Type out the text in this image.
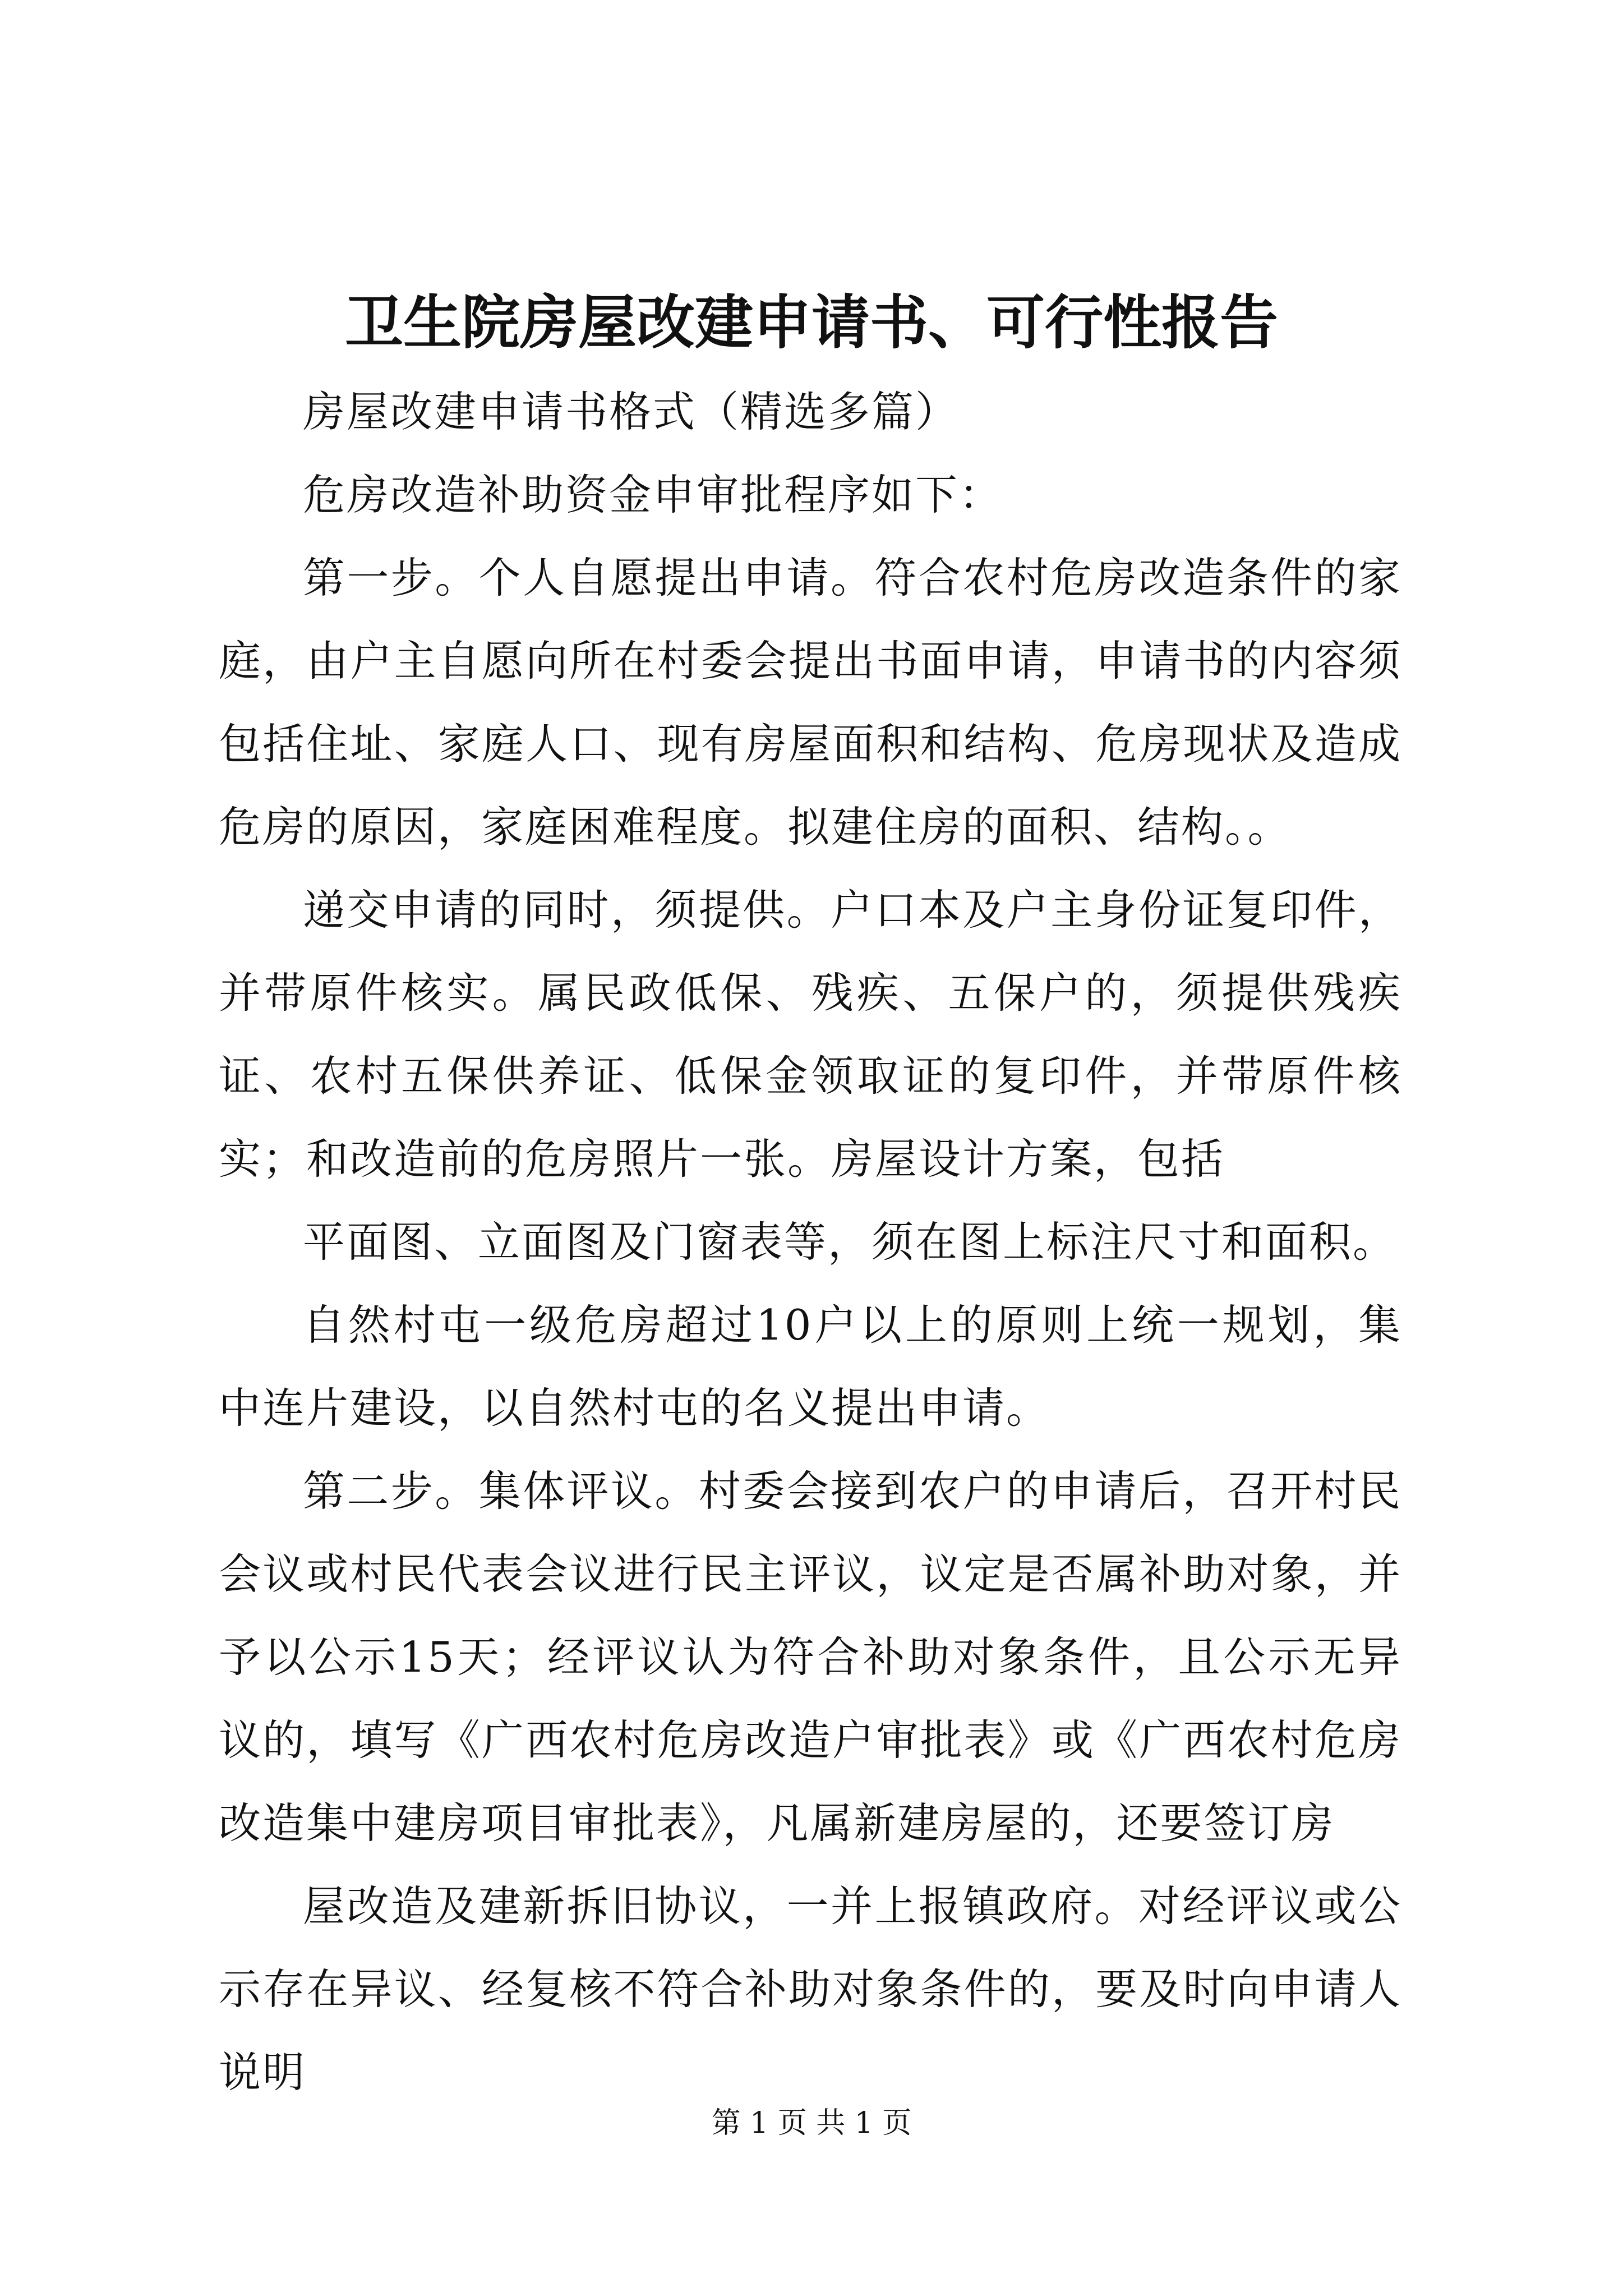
卫生院房屋改建申请书、可行性报告

房屋改建申请书格式（精选多篇）

危房改造补助资金申审批程序如下：

第一步。个人自愿提出申请。符合农村危房改造条件的家庭，由户主自愿向所在村委会提出书面申请，申请书的内容须包括住址、家庭人口、现有房屋面积和结构、危房现状及造成危房的原因，家庭困难程度。拟建住房的面积、结构。。

递交申请的同时，须提供。户口本及户主身份证复印件，并带原件核实。属民政低保、残疾、五保户的，须提供残疾证、农村五保供养证、低保金领取证的复印件，并带原件核实；和改造前的危房照片一张。房屋设计方案，包括

平面图、立面图及门窗表等，须在图上标注尺寸和面积。

自然村屯一级危房超过10户以上的原则上统一规划，集中连片建设，以自然村屯的名义提出申请。

第二步。集体评议。村委会接到农户的申请后，召开村民会议或村民代表会议进行民主评议，议定是否属补助对象，并予以公示15天；经评议认为符合补助对象条件，且公示无异议的，填写《广西农村危房改造户审批表》或《广西农村危房改造集中建房项目审批表》，凡属新建房屋的，还要签订房

屋改造及建新拆旧协议，一并上报镇政府。对经评议或公示存在异议、经复核不符合补助对象条件的，要及时向申请人说明

第 1 页 共 1 页
